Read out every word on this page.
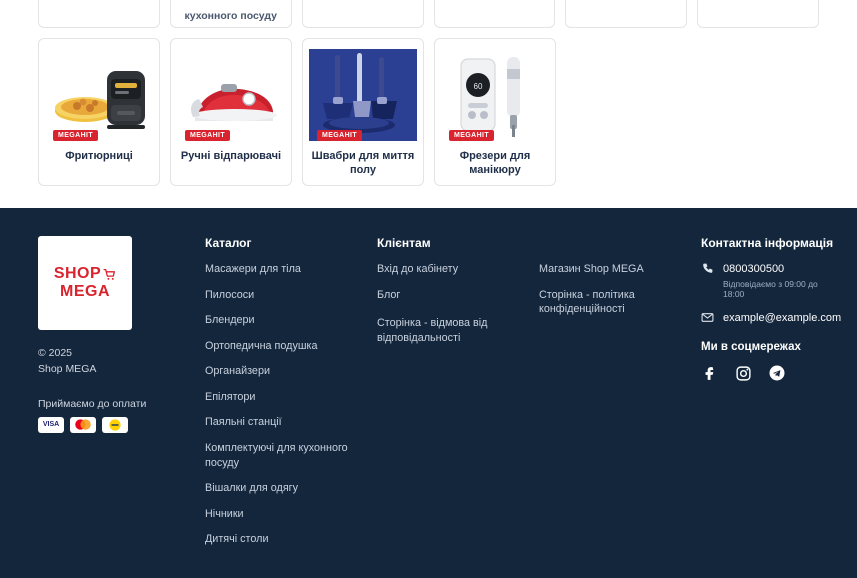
кухонного посуду
MEGAHIT
Фритюрниці
MEGAHIT
Ручні відпарювачі
MEGAHIT
Швабри для миття полу
60
MEGAHIT
Фрезери для манікюру
SHOP
MEGA
© 2025
Shop MEGA
Приймаємо до оплати
VISA
Каталог
Масажери для тіла
Пилососи
Блендери
Ортопедична подушка
Органайзери
Епілятори
Паяльні станції
Комплектуючі для кухонного посуду
Вішалки для одягу
Нічники
Дитячі столи
Клієнтам
Вхід до кабінету
Блог
Сторінка - відмова від відповідальності
Магазин Shop MEGA
Сторінка - політика конфіденційності
Контактна інформація
0800300500
Відповідаємо з 09:00 до 18:00
example@example.com
Ми в соцмережах
